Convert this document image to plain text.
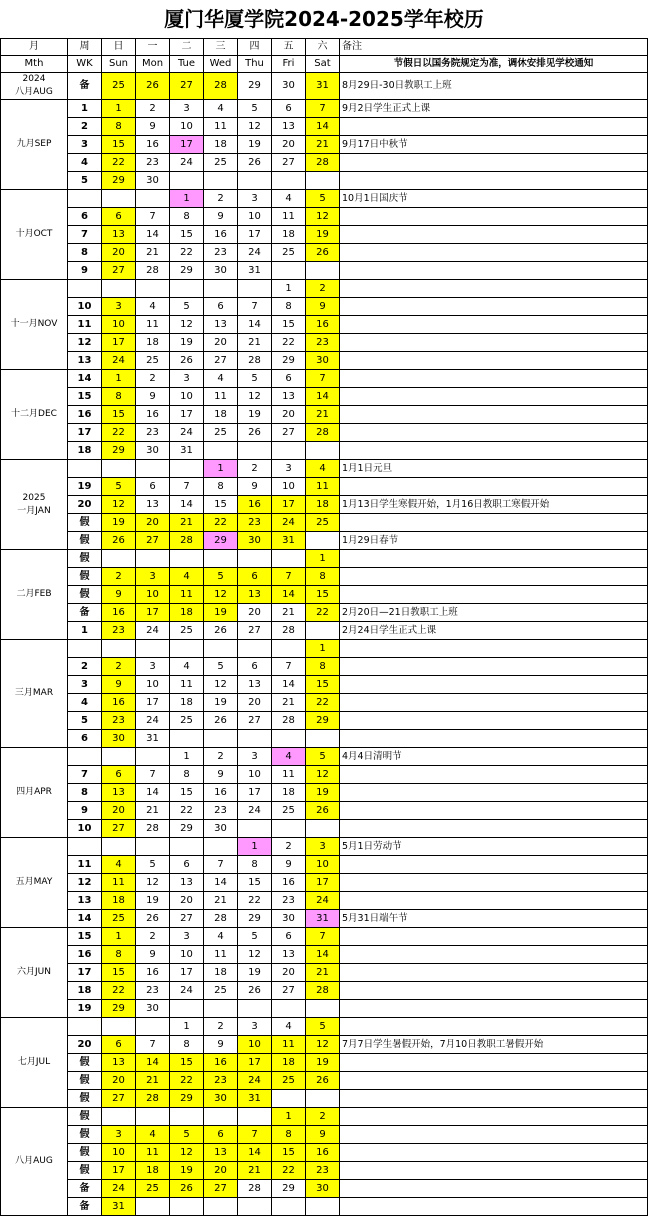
厦门华厦学院2024-2025学年校历
月	周	日	一	二	三	四	五	六	备注
Mth	WK	Sun	Mon	Tue	Wed	Thu	Fri	Sat	节假日以国务院规定为准，调休安排见学校通知
2024
八月AUG	备	25	26	27	28	29	30	31	8月29日-30日教职工上班
九月SEP	1	1	2	3	4	5	6	7	9月2日学生正式上课
	2	8	9	10	11	12	13	14	
	3	15	16	17	18	19	20	21	9月17日中秋节
	4	22	23	24	25	26	27	28	
	5	29	30						
十月OCT				1	2	3	4	5	10月1日国庆节
	6	6	7	8	9	10	11	12	
	7	13	14	15	16	17	18	19	
	8	20	21	22	23	24	25	26	
	9	27	28	29	30	31			
十一月NOV							1	2	
	10	3	4	5	6	7	8	9	
	11	10	11	12	13	14	15	16	
	12	17	18	19	20	21	22	23	
	13	24	25	26	27	28	29	30	
十二月DEC	14	1	2	3	4	5	6	7	
	15	8	9	10	11	12	13	14	
	16	15	16	17	18	19	20	21	
	17	22	23	24	25	26	27	28	
	18	29	30	31					
2025
一月JAN					1	2	3	4	1月1日元旦
	19	5	6	7	8	9	10	11	
	20	12	13	14	15	16	17	18	1月13日学生寒假开始，1月16日教职工寒假开始
	假	19	20	21	22	23	24	25	
	假	26	27	28	29	30	31		1月29日春节
二月FEB	假							1	
	假	2	3	4	5	6	7	8	
	假	9	10	11	12	13	14	15	
	备	16	17	18	19	20	21	22	2月20日—21日教职工上班
	1	23	24	25	26	27	28		2月24日学生正式上课
三月MAR								1	
	2	2	3	4	5	6	7	8	
	3	9	10	11	12	13	14	15	
	4	16	17	18	19	20	21	22	
	5	23	24	25	26	27	28	29	
	6	30	31						
四月APR				1	2	3	4	5	4月4日清明节
	7	6	7	8	9	10	11	12	
	8	13	14	15	16	17	18	19	
	9	20	21	22	23	24	25	26	
	10	27	28	29	30				
五月MAY						1	2	3	5月1日劳动节
	11	4	5	6	7	8	9	10	
	12	11	12	13	14	15	16	17	
	13	18	19	20	21	22	23	24	
	14	25	26	27	28	29	30	31	5月31日端午节
六月JUN	15	1	2	3	4	5	6	7	
	16	8	9	10	11	12	13	14	
	17	15	16	17	18	19	20	21	
	18	22	23	24	25	26	27	28	
	19	29	30						
七月JUL				1	2	3	4	5	
	20	6	7	8	9	10	11	12	7月7日学生暑假开始，7月10日教职工暑假开始
	假	13	14	15	16	17	18	19	
	假	20	21	22	23	24	25	26	
	假	27	28	29	30	31			
八月AUG	假						1	2	
	假	3	4	5	6	7	8	9	
	假	10	11	12	13	14	15	16	
	假	17	18	19	20	21	22	23	
	备	24	25	26	27	28	29	30	
	备	31							
